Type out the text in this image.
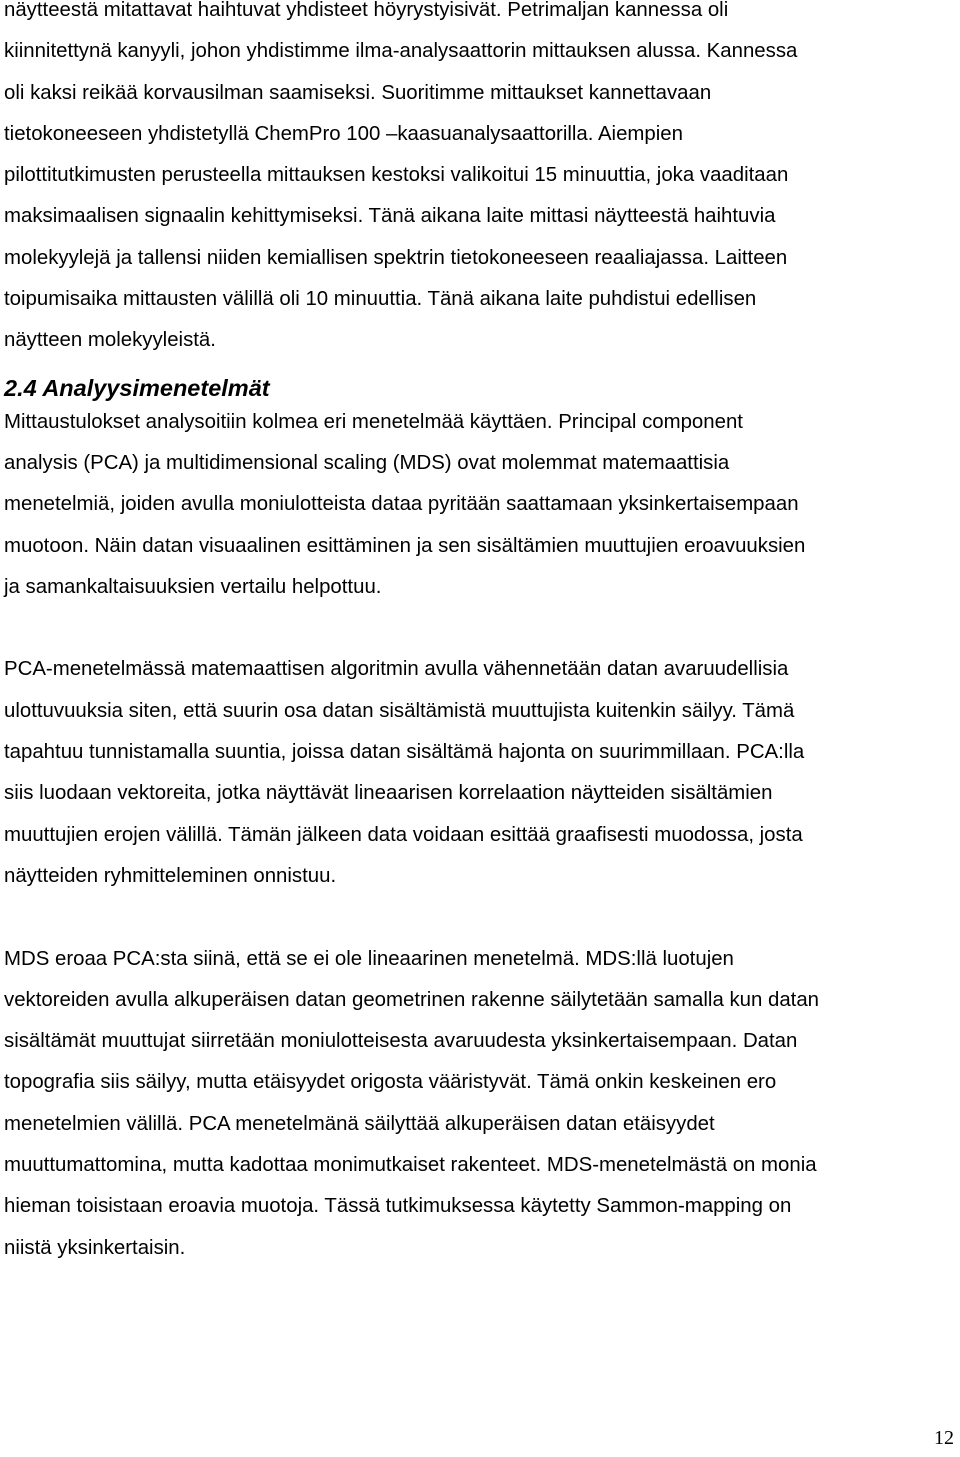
näytteestä mitattavat haihtuvat yhdisteet höyrystyisivät. Petrimaljan kannessa oli
kiinnitettynä kanyyli, johon yhdistimme ilma-analysaattorin mittauksen alussa. Kannessa
oli kaksi reikää korvausilman saamiseksi. Suoritimme mittaukset kannettavaan
tietokoneeseen yhdistetyllä ChemPro 100 –kaasuanalysaattorilla. Aiempien
pilottitutkimusten perusteella mittauksen kestoksi valikoitui 15 minuuttia, joka vaaditaan
maksimaalisen signaalin kehittymiseksi. Tänä aikana laite mittasi näytteestä haihtuvia
molekyylejä ja tallensi niiden kemiallisen spektrin tietokoneeseen reaaliajassa. Laitteen
toipumisaika mittausten välillä oli 10 minuuttia. Tänä aikana laite puhdistui edellisen
näytteen molekyyleistä.

2.4 Analyysimenetelmät

Mittaustulokset analysoitiin kolmea eri menetelmää käyttäen. Principal component
analysis (PCA) ja multidimensional scaling (MDS) ovat molemmat matemaattisia
menetelmiä, joiden avulla moniulotteista dataa pyritään saattamaan yksinkertaisempaan
muotoon. Näin datan visuaalinen esittäminen ja sen sisältämien muuttujien eroavuuksien
ja samankaltaisuuksien vertailu helpottuu.

PCA-menetelmässä matemaattisen algoritmin avulla vähennetään datan avaruudellisia
ulottuvuuksia siten, että suurin osa datan sisältämistä muuttujista kuitenkin säilyy. Tämä
tapahtuu tunnistamalla suuntia, joissa datan sisältämä hajonta on suurimmillaan. PCA:lla
siis luodaan vektoreita, jotka näyttävät lineaarisen korrelaation näytteiden sisältämien
muuttujien erojen välillä. Tämän jälkeen data voidaan esittää graafisesti muodossa, josta
näytteiden ryhmitteleminen onnistuu.

MDS eroaa PCA:sta siinä, että se ei ole lineaarinen menetelmä. MDS:llä luotujen
vektoreiden avulla alkuperäisen datan geometrinen rakenne säilytetään samalla kun datan
sisältämät muuttujat siirretään moniulotteisesta avaruudesta yksinkertaisempaan. Datan
topografia siis säilyy, mutta etäisyydet origosta vääristyvät. Tämä onkin keskeinen ero
menetelmien välillä. PCA menetelmänä säilyttää alkuperäisen datan etäisyydet
muuttumattomina, mutta kadottaa monimutkaiset rakenteet. MDS-menetelmästä on monia
hieman toisistaan eroavia muotoja. Tässä tutkimuksessa käytetty Sammon-mapping on
niistä yksinkertaisin.

12
